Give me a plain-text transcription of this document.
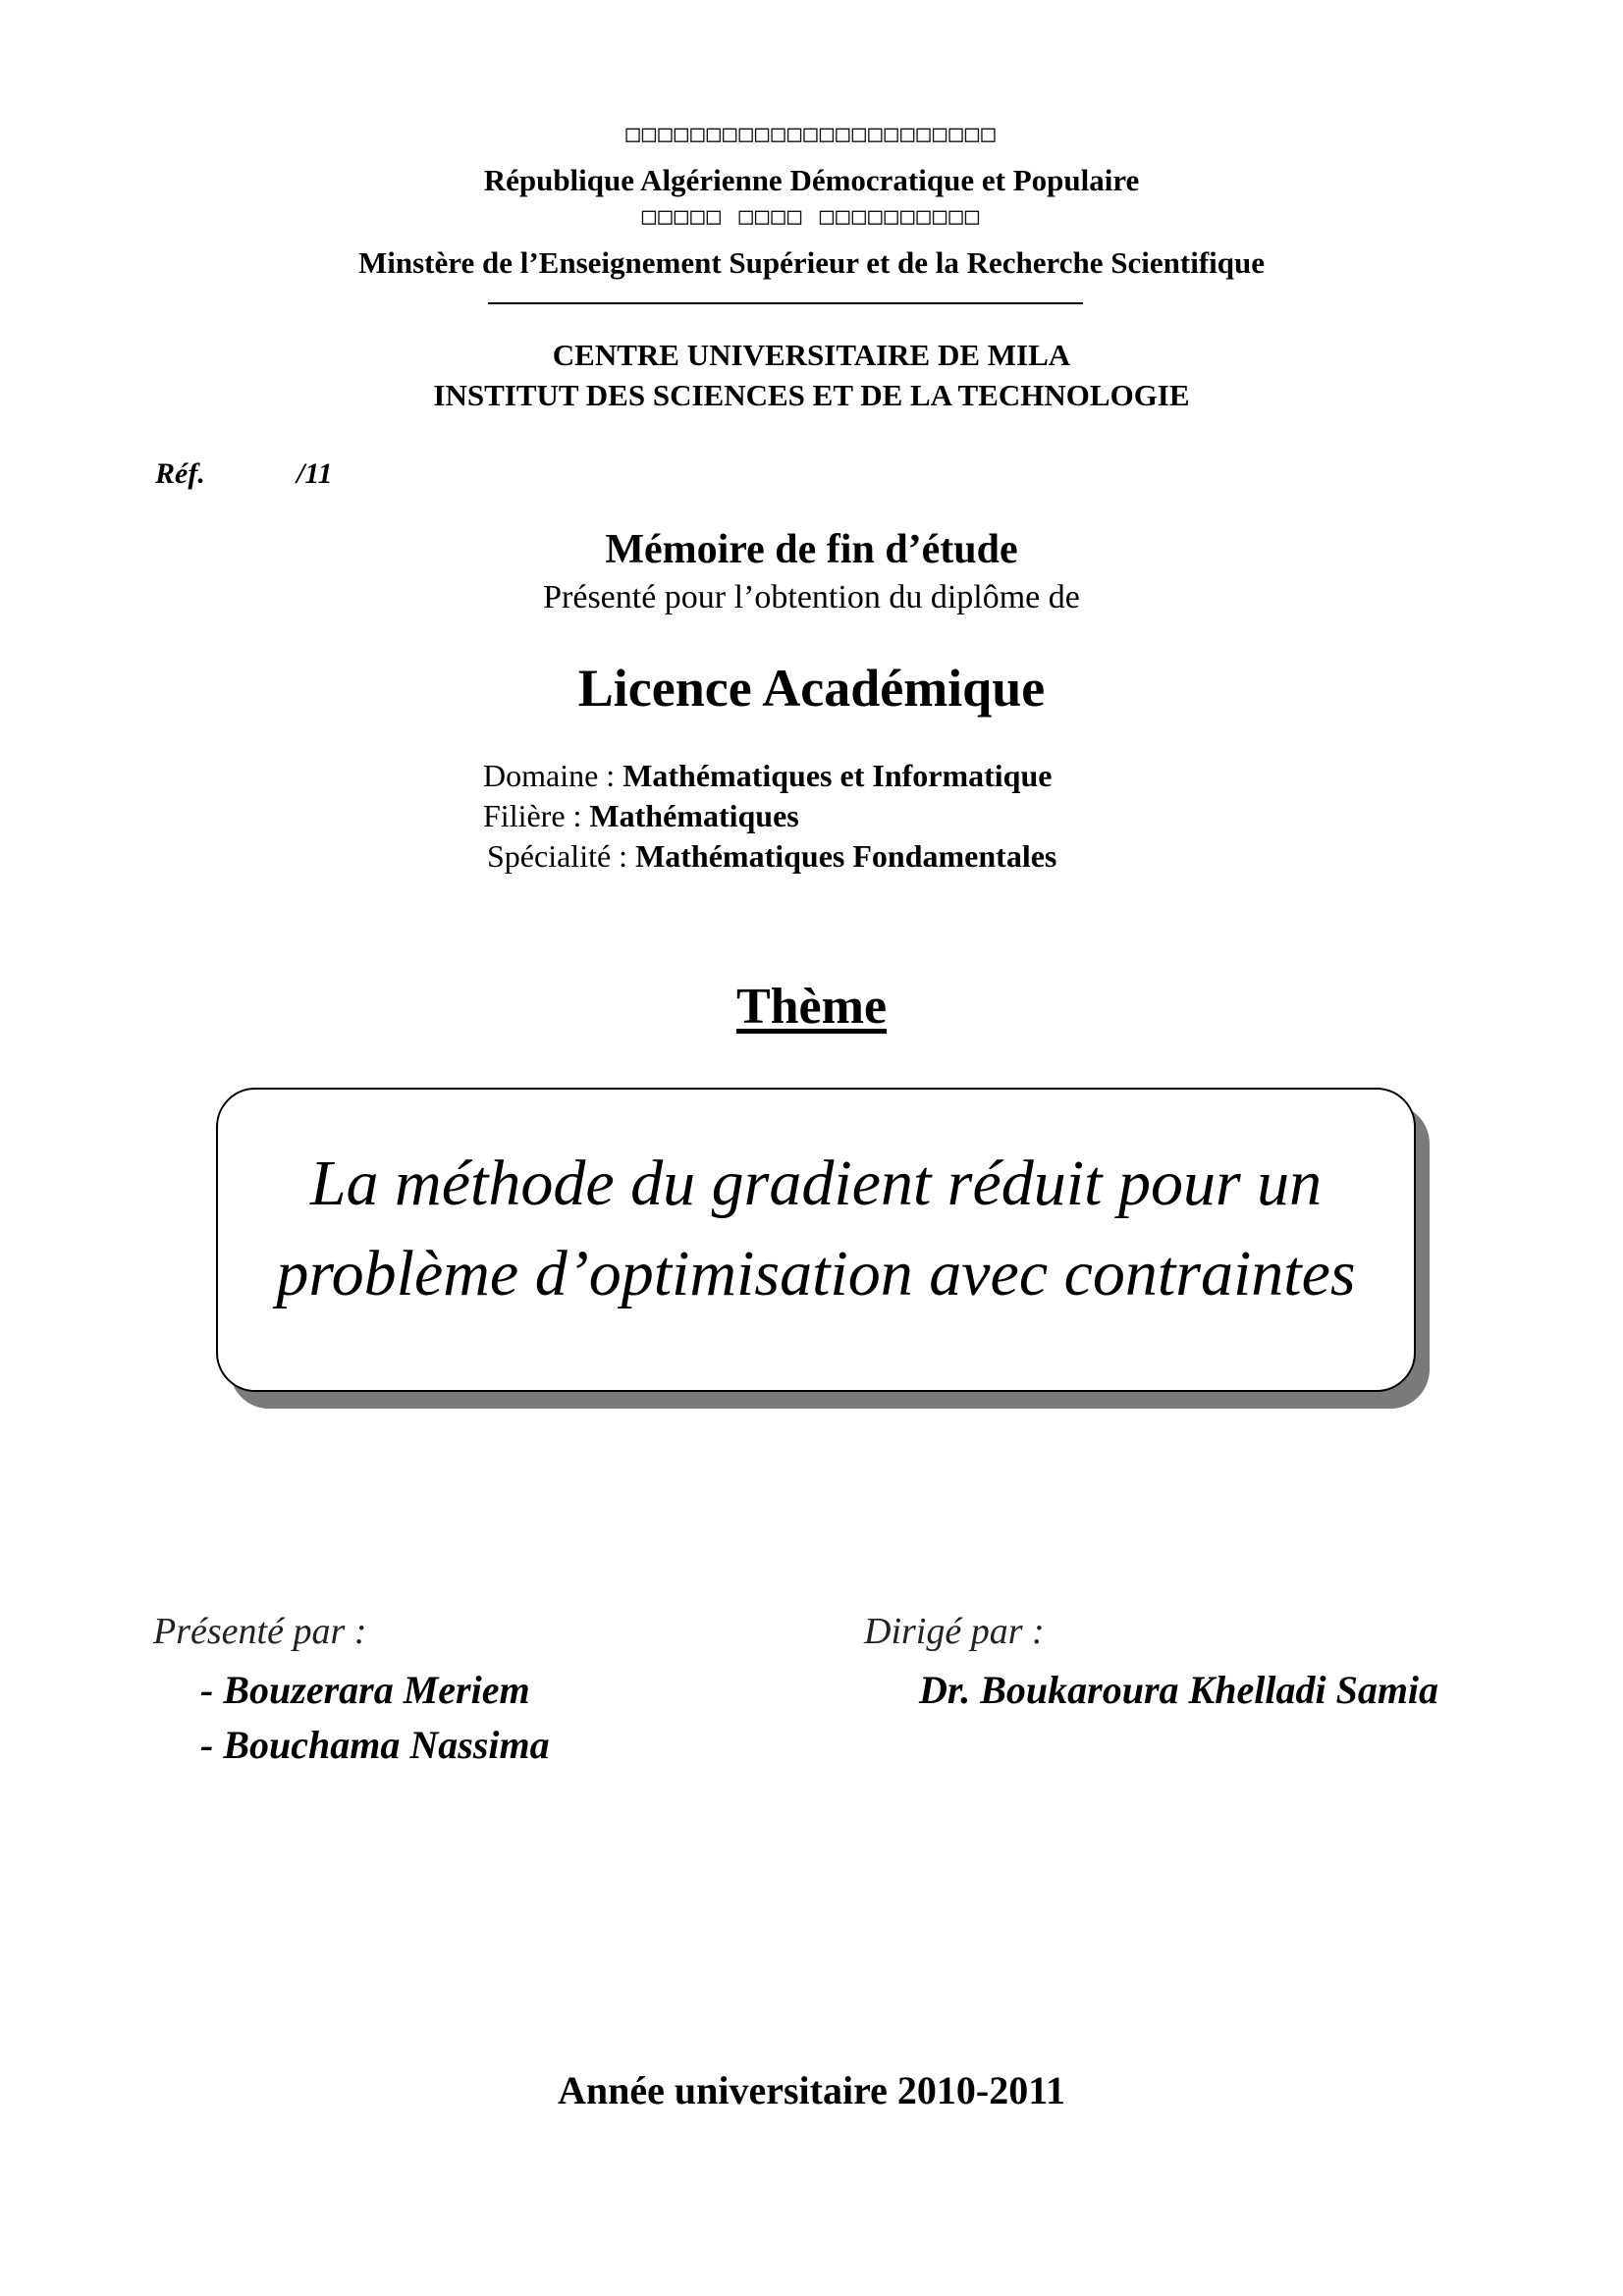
□□□□□□□□□□□□□□□□□□□□□□□
République Algérienne Démocratique et Populaire
□□□□□ □□□□ □□□□□□□□□□
Minstère de l’Enseignement Supérieur et de la Recherche Scientifique
CENTRE UNIVERSITAIRE DE MILA
INSTITUT DES SCIENCES ET DE LA TECHNOLOGIE
Réf.	/11
Mémoire de fin d’étude
Présenté pour l’obtention du diplôme de
Licence Académique
Domaine : Mathématiques et Informatique
Filière : Mathématiques
Spécialité : Mathématiques Fondamentales
Thème
La méthode du gradient réduit pour un
problème d’optimisation avec contraintes
Présenté par :
- Bouzerara Meriem
- Bouchama Nassima
Dirigé par :
Dr. Boukaroura Khelladi Samia
Année universitaire 2010-2011
